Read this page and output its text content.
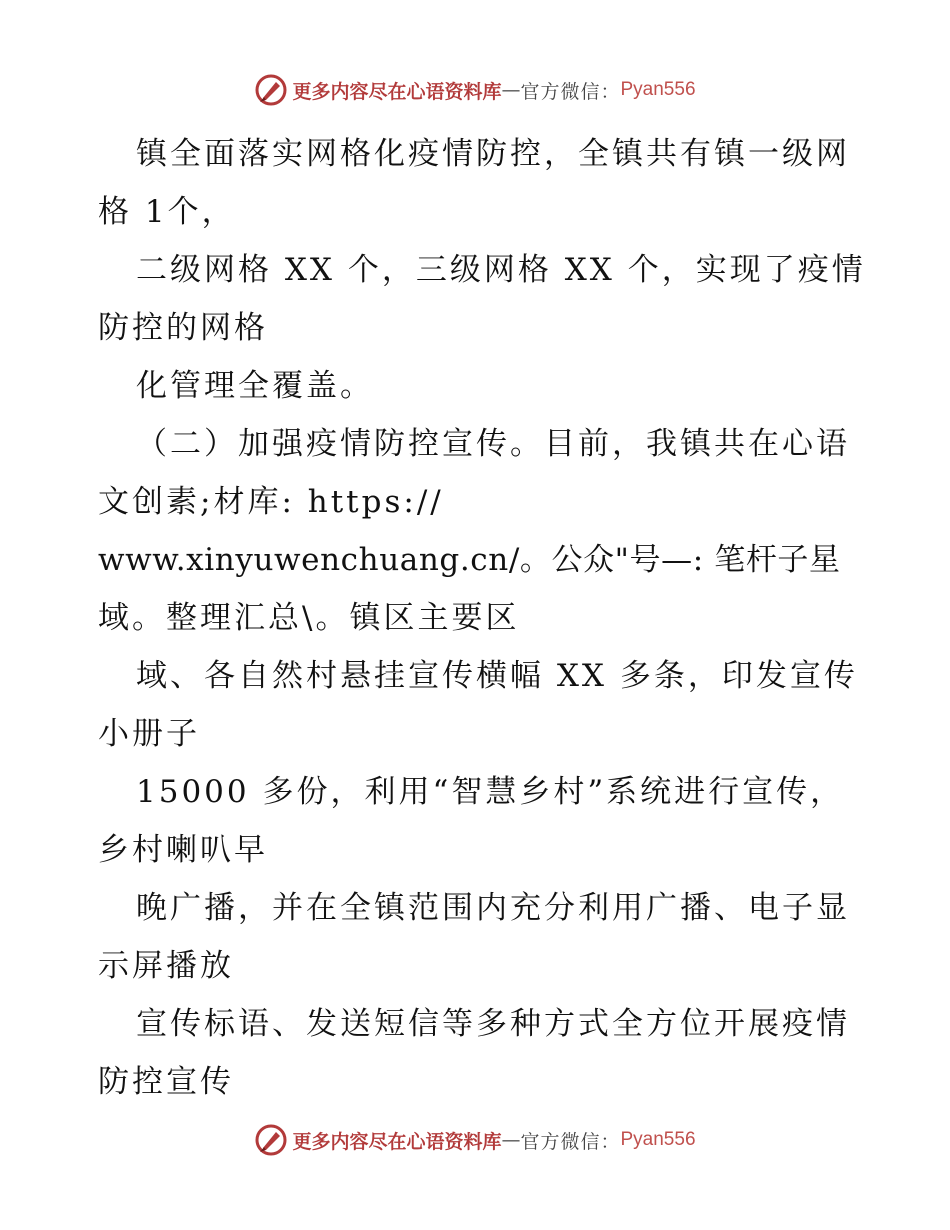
更多内容尽在心语资料库 — 官方微信： Pyan556
镇全面落实网格化疫情防控，全镇共有镇一级网
格 1个，
二级网格 XX 个，三级网格 XX 个，实现了疫情
防控的网格
化管理全覆盖。
（二）加强疫情防控宣传。目前，我镇共在心语
文创素;材库: https://
www.xinyuwenchuang.cn/。公众"号—: 笔杆子星
域。整理汇总\。镇区主要区
域、各自然村悬挂宣传横幅 XX 多条，印发宣传
小册子
15000 多份，利用“智慧乡村”系统进行宣传，
乡村喇叭早
晚广播，并在全镇范围内充分利用广播、电子显
示屏播放
宣传标语、发送短信等多种方式全方位开展疫情
防控宣传
更多内容尽在心语资料库 — 官方微信： Pyan556
